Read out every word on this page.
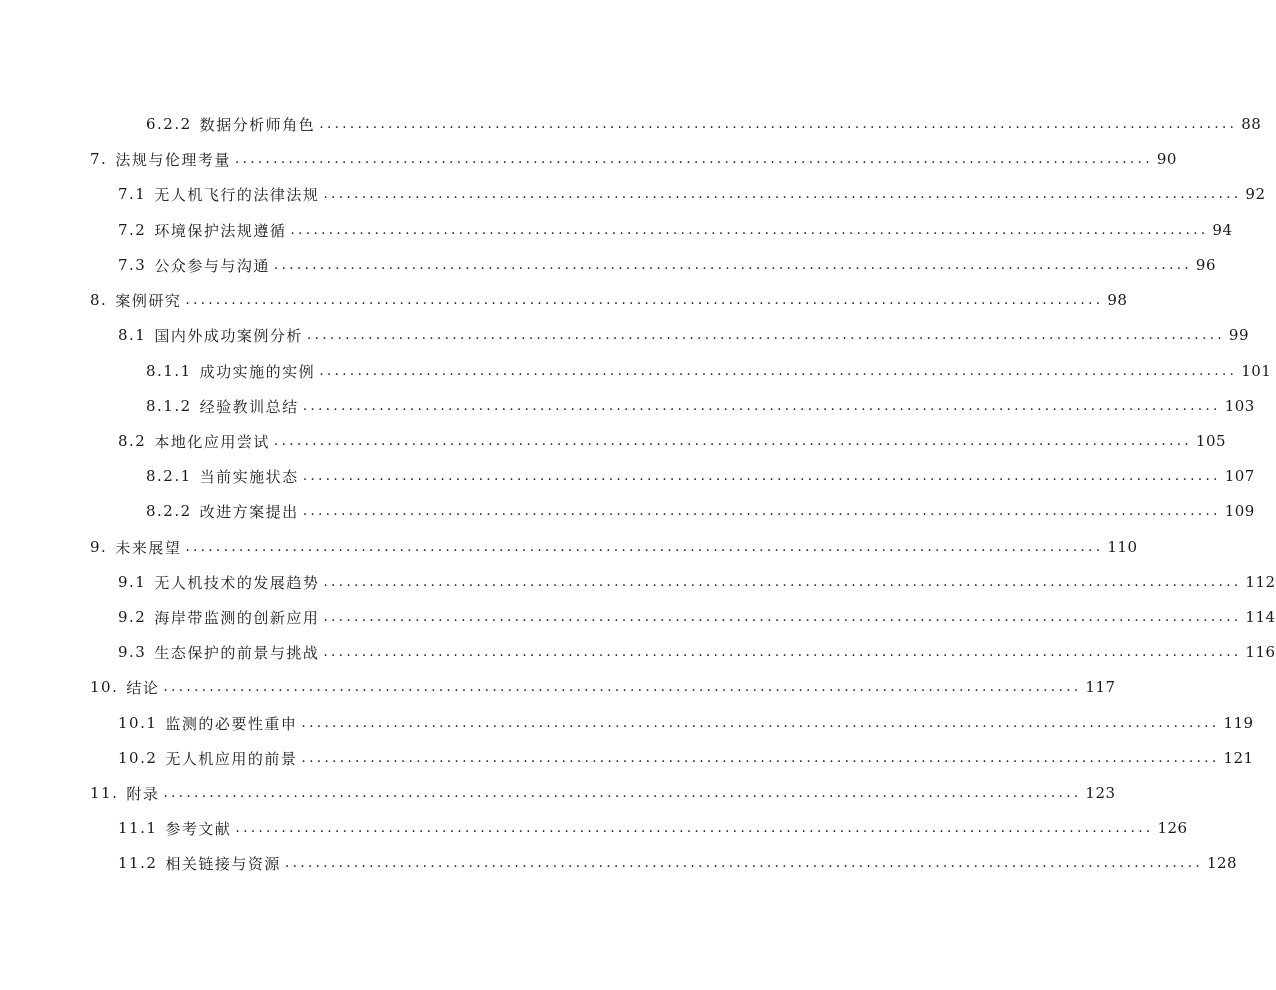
6.2.2 数据分析师角色 ........................................................................................................................ 88
7. 法规与伦理考量 ........................................................................................................................ 90
7.1 无人机飞行的法律法规 ........................................................................................................................ 92
7.2 环境保护法规遵循 ........................................................................................................................ 94
7.3 公众参与与沟通 ........................................................................................................................ 96
8. 案例研究 ........................................................................................................................ 98
8.1 国内外成功案例分析 ........................................................................................................................ 99
8.1.1 成功实施的实例 ........................................................................................................................ 101
8.1.2 经验教训总结 ........................................................................................................................ 103
8.2 本地化应用尝试 ........................................................................................................................ 105
8.2.1 当前实施状态 ........................................................................................................................ 107
8.2.2 改进方案提出 ........................................................................................................................ 109
9. 未来展望 ........................................................................................................................ 110
9.1 无人机技术的发展趋势 ........................................................................................................................ 112
9.2 海岸带监测的创新应用 ........................................................................................................................ 114
9.3 生态保护的前景与挑战 ........................................................................................................................ 116
10. 结论 ........................................................................................................................ 117
10.1 监测的必要性重申 ........................................................................................................................ 119
10.2 无人机应用的前景 ........................................................................................................................ 121
11. 附录 ........................................................................................................................ 123
11.1 参考文献 ........................................................................................................................ 126
11.2 相关链接与资源 ........................................................................................................................ 128
